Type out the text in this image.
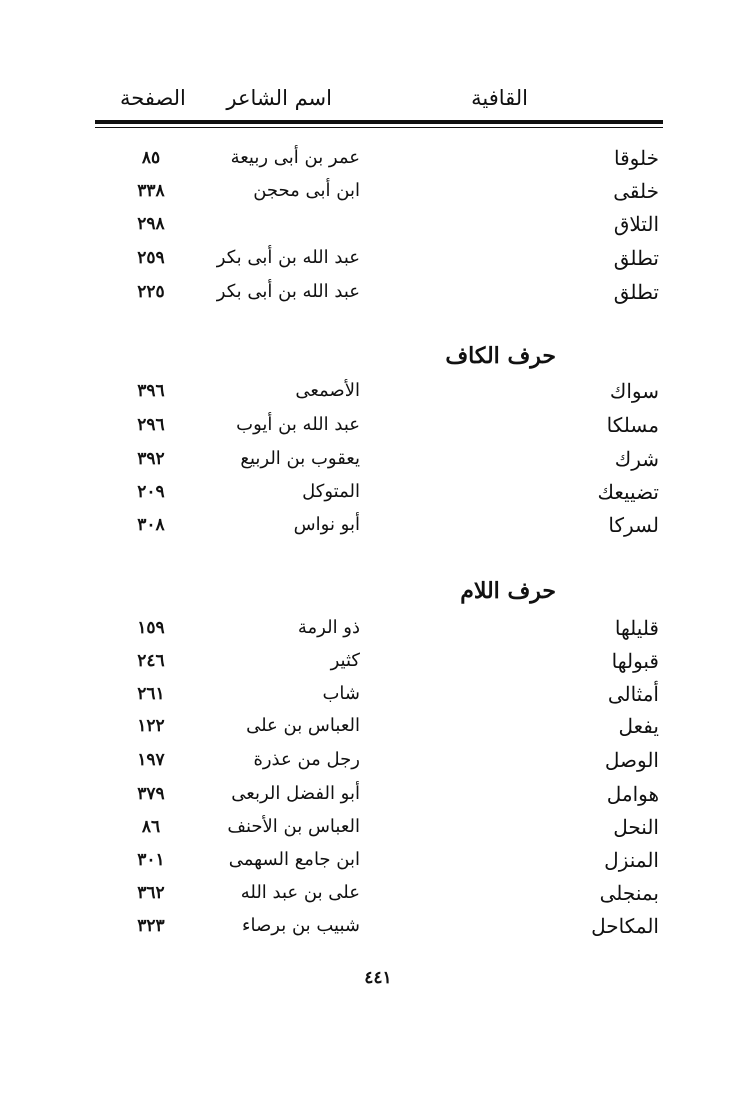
القافية
اسم الشاعر
الصفحة
خلوقا
عمر بن أبى ربيعة
٨٥
خلقى
ابن أبى محجن
٣٣٨
التلاق
٢٩٨
تطلق
عبد الله بن أبى بكر
٢٥٩
تطلق
عبد الله بن أبى بكر
٢٢٥
حرف الكاف
سواك
الأصمعى
٣٩٦
مسلكا
عبد الله بن أيوب
٢٩٦
شرك
يعقوب بن الربيع
٣٩٢
تضييعك
المتوكل
٢٠٩
لسركا
أبو نواس
٣٠٨
حرف اللام
قليلها
ذو الرمة
١٥٩
قبولها
كثير
٢٤٦
أمثالى
شاب
٢٦١
يفعل
العباس بن على
١٢٢
الوصل
رجل من عذرة
١٩٧
هوامل
أبو الفضل الربعى
٣٧٩
النحل
العباس بن الأحنف
٨٦
المنزل
ابن جامع السهمى
٣٠١
بمنجلى
على بن عبد الله
٣٦٢
المكاحل
شبيب بن برصاء
٣٢٣
٤٤١
